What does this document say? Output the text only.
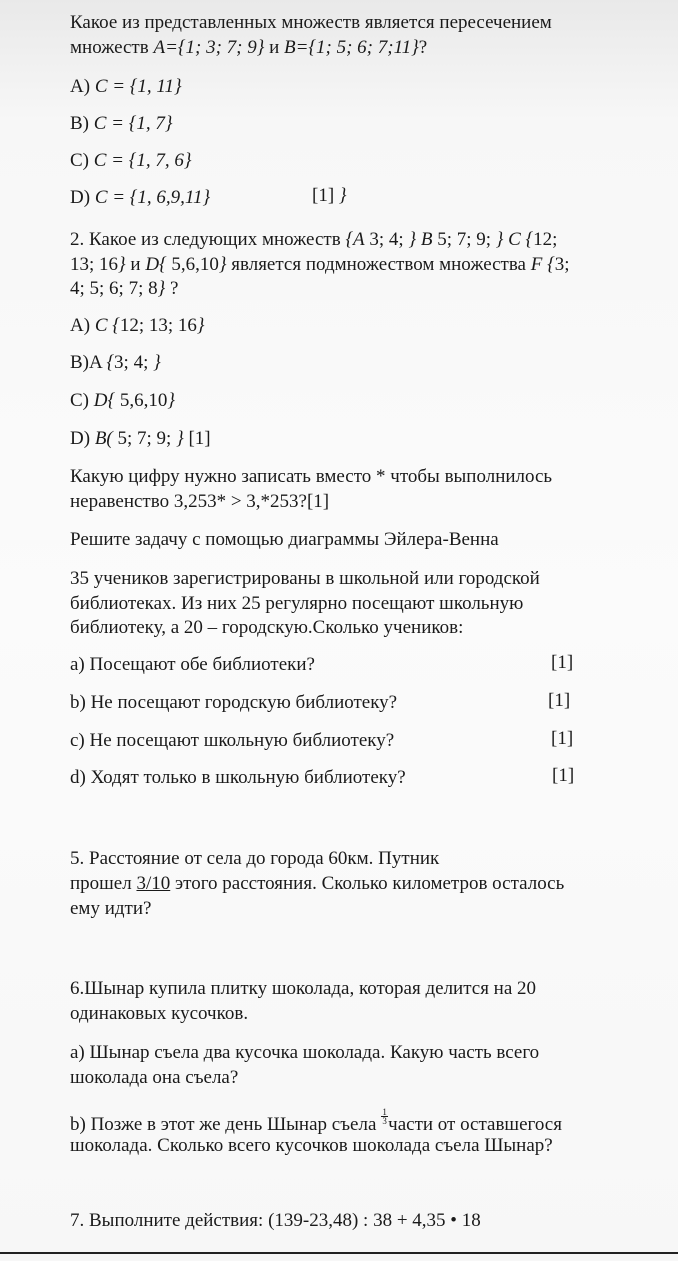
Какое из представленных множеств является пересечением
множеств A={1; 3; 7; 9} и B={1; 5; 6; 7;11}?
A) C = {1, 11}
B) C = {1, 7}
C) C = {1, 7, 6}
D) C = {1, 6,9,11}	[1] }
2. Какое из следующих множеств {A 3; 4; } B 5; 7; 9; } C {12;
13; 16} и D{ 5,6,10} является подмножеством множества F {3;
4; 5; 6; 7; 8} ?
A) C {12; 13; 16}
B)A {3; 4; }
C) D{ 5,6,10}
D) B( 5; 7; 9; } [1]
Какую цифру нужно записать вместо * чтобы выполнилось
неравенство 3,253* > 3,*253?[1]
Решите задачу с помощью диаграммы Эйлера-Венна
35 учеников зарегистрированы в школьной или городской
библиотеках. Из них 25 регулярно посещают школьную
библиотеку, а 20 – городскую.Сколько учеников:
a) Посещают обе библиотеки?	[1]
b) Не посещают городскую библиотеку?	[1]
c) Не посещают школьную библиотеку?	[1]
d) Ходят только в школьную библиотеку?	[1]
5. Расстояние от села до города 60км. Путник
прошел 3/10 этого расстояния. Сколько километров осталось
ему идти?
6.Шынар купила плитку шоколада, которая делится на 20
одинаковых кусочков.
a) Шынар съела два кусочка шоколада. Какую часть всего
шоколада она съела?
b) Позже в этот же день Шынар съела $\frac{1}{3}$ части от оставшегося
шоколада. Сколько всего кусочков шоколада съела Шынар?
7. Выполните действия: (139-23,48) : 38 + 4,35 • 18
